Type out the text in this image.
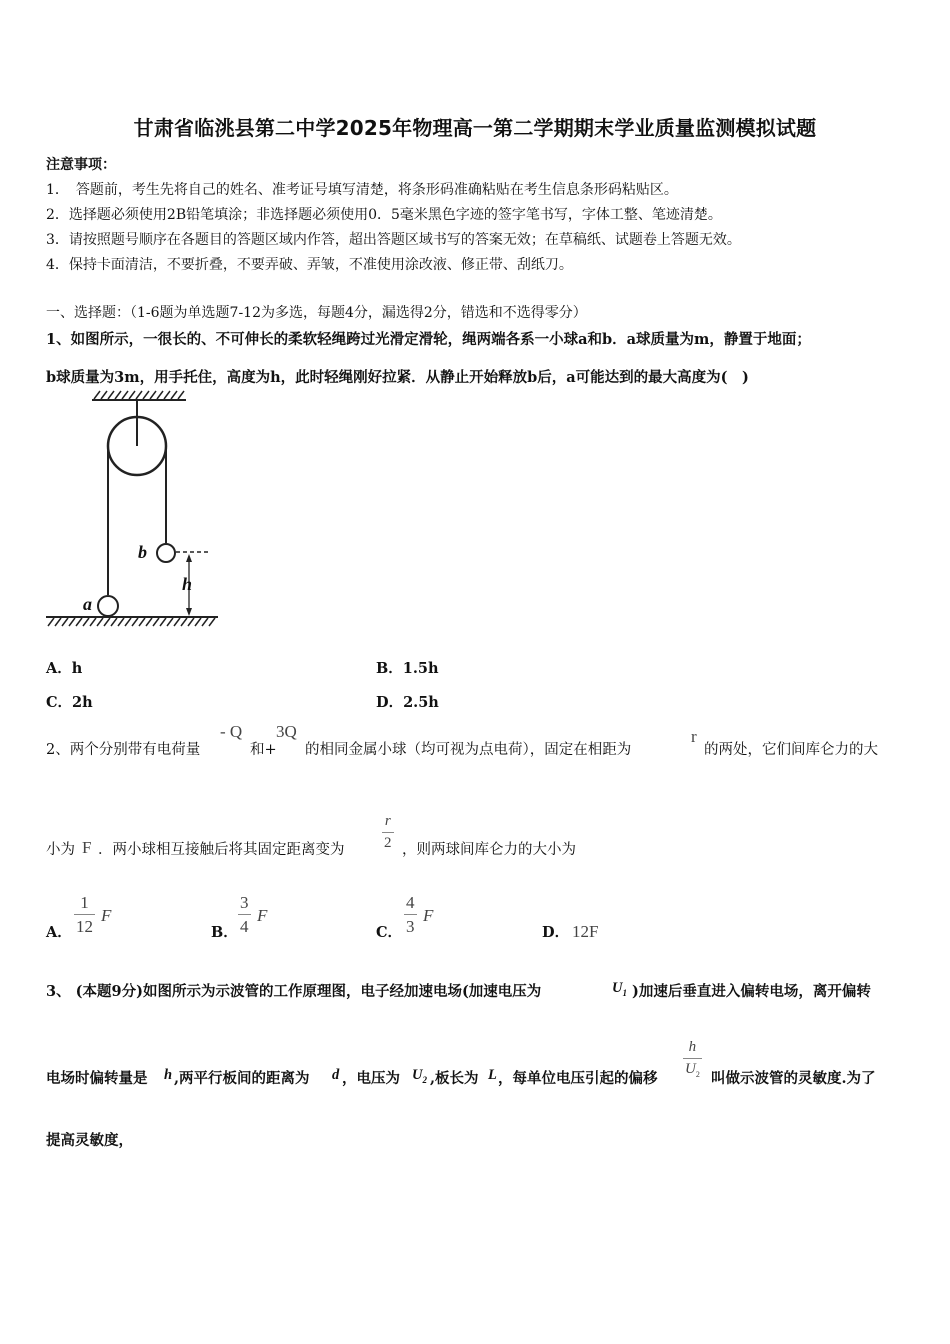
甘肃省临洮县第二中学2025年物理高一第二学期期末学业质量监测模拟试题
注意事项：
1．　答题前，考生先将自己的姓名、准考证号填写清楚，将条形码准确粘贴在考生信息条形码粘贴区。
2．选择题必须使用2B铅笔填涂；非选择题必须使用0．5毫米黑色字迹的签字笔书写，字体工整、笔迹清楚。
3．请按照题号顺序在各题目的答题区域内作答，超出答题区域书写的答案无效；在草稿纸、试题卷上答题无效。
4．保持卡面清洁，不要折叠，不要弄破、弄皱，不准使用涂改液、修正带、刮纸刀。
一、选择题：（1-6题为单选题7-12为多选，每题4分，漏选得2分，错选和不选得零分）
1、如图所示，一很长的、不可伸长的柔软轻绳跨过光滑定滑轮，绳两端各系一小球a和b．a球质量为m，静置于地面；
b球质量为3m，用手托住，高度为h，此时轻绳刚好拉紧．从静止开始释放b后，a可能达到的最大高度为(　)
b
h
a
A．h	B．1.5h
C．2h	D．2.5h
2、两个分别带有电荷量
- Q
和+
3Q
的相同金属小球（均可视为点电荷），固定在相距为
r
的两处，它们间库仑力的大
小为 F ．两小球相互接触后将其固定距离变为	$\frac{r}{2}$ ，则两球间库仑力的大小为
A． $\frac{1}{12}$ F
B． $\frac{3}{4}$ F
C． $\frac{4}{3}$ F
D． 12F
3、 (本题9分)如图所示为示波管的工作原理图，电子经加速电场(加速电压为	$U_1$ )加速后垂直进入偏转电场，离开偏转
电场时偏转量是 h ,两平行板间的距离为 d ，电压为 $U_2$ ,板长为 L ，每单位电压引起的偏移 $\frac{h}{U_2}$ 叫做示波管的灵敏度.为了
提高灵敏度，
